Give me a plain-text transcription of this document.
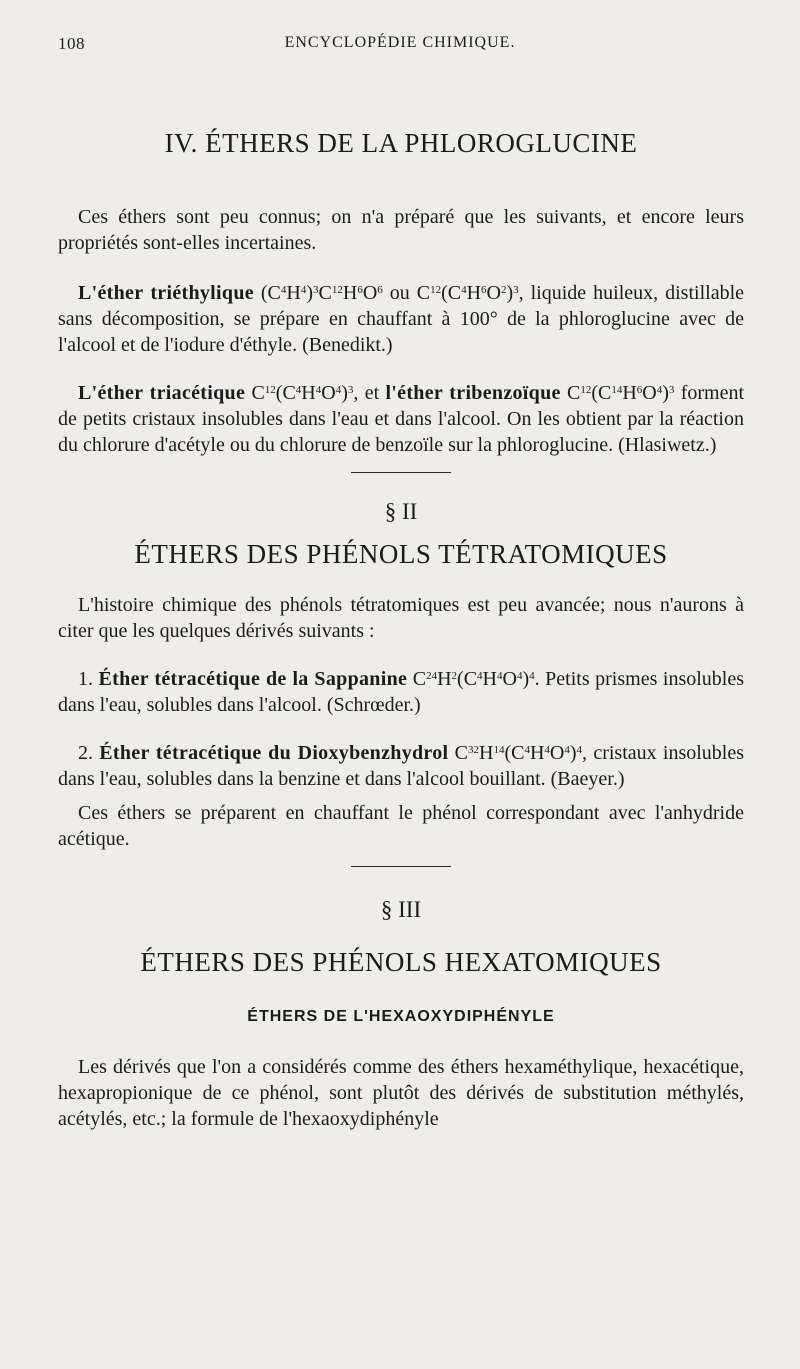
108	ENCYCLOPÉDIE CHIMIQUE.
IV. ÉTHERS DE LA PHLOROGLUCINE

Ces éthers sont peu connus; on n'a préparé que les suivants, et encore leurs propriétés sont-elles incertaines.

L'éther triéthylique $(C^4H^4)^3C^{12}H^6O^6$ ou $C^{12}(C^4H^6O^2)^3$, liquide huileux, distillable sans décomposition, se prépare en chauffant à 100° de la phloroglucine avec de l'alcool et de l'iodure d'éthyle. (Benedikt.)

L'éther triacétique $C^{12}(C^4H^4O^4)^3$, et l'éther tribenzoïque $C^{12}(C^{14}H^6O^4)^3$ forment de petits cristaux insolubles dans l'eau et dans l'alcool. On les obtient par la réaction du chlorure d'acétyle ou du chlorure de benzoïle sur la phloroglucine. (Hlasiwetz.)

§ II
ÉTHERS DES PHÉNOLS TÉTRATOMIQUES

L'histoire chimique des phénols tétratomiques est peu avancée; nous n'aurons à citer que les quelques dérivés suivants :

1. Éther tétracétique de la Sappanine $C^{24}H^2(C^4H^4O^4)^4$. Petits prismes insolubles dans l'eau, solubles dans l'alcool. (Schrœder.)

2. Éther tétracétique du Dioxybenzhydrol $C^{32}H^{14}(C^4H^4O^4)^4$, cristaux insolubles dans l'eau, solubles dans la benzine et dans l'alcool bouillant. (Baeyer.)

Ces éthers se préparent en chauffant le phénol correspondant avec l'anhydride acétique.

§ III
ÉTHERS DES PHÉNOLS HEXATOMIQUES
ÉTHERS DE L'HEXAOXYDIPHÉNYLE

Les dérivés que l'on a considérés comme des éthers hexaméthylique, hexacétique, hexapropionique de ce phénol, sont plutôt des dérivés de substitution méthylés, acétylés, etc.; la formule de l'hexaoxydiphényle
